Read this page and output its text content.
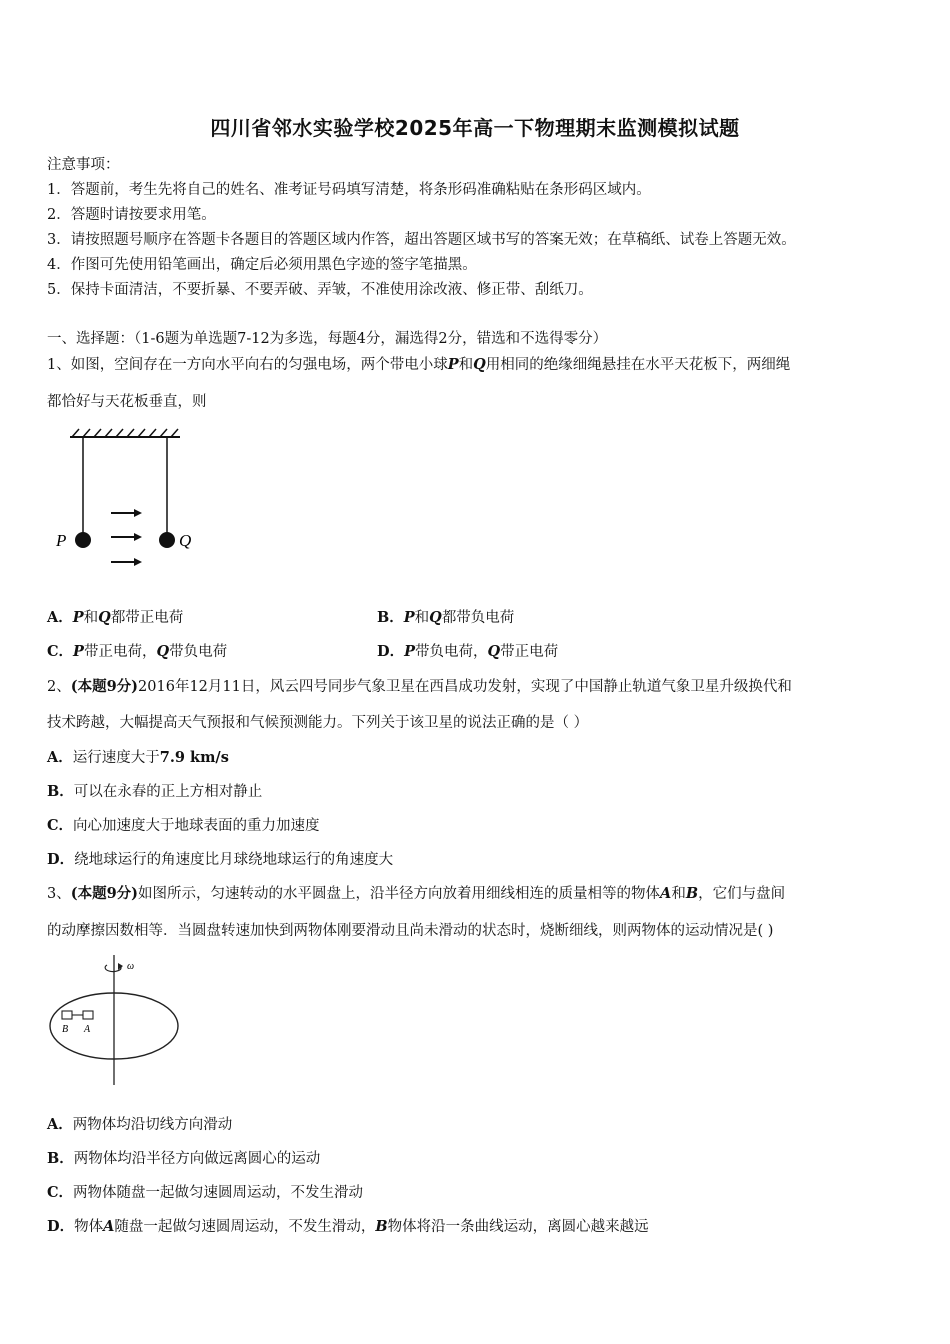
四川省邻水实验学校2025年高一下物理期末监测模拟试题
注意事项：
1．答题前，考生先将自己的姓名、准考证号码填写清楚，将条形码准确粘贴在条形码区域内。
2．答题时请按要求用笔。
3．请按照题号顺序在答题卡各题目的答题区域内作答，超出答题区域书写的答案无效；在草稿纸、试卷上答题无效。
4．作图可先使用铅笔画出，确定后必须用黑色字迹的签字笔描黑。
5．保持卡面清洁，不要折暴、不要弄破、弄皱，不准使用涂改液、修正带、刮纸刀。
一、选择题：（1-6题为单选题7-12为多选，每题4分，漏选得2分，错选和不选得零分）
1、如图，空间存在一方向水平向右的匀强电场，两个带电小球P和Q用相同的绝缘细绳悬挂在水平天花板下，两细绳
都恰好与天花板垂直，则
P	Q
A．P和Q都带正电荷	B．P和Q都带负电荷
C．P带正电荷，Q带负电荷	D．P带负电荷，Q带正电荷
2、(本题9分)2016年12月11日，风云四号同步气象卫星在西昌成功发射，实现了中国静止轨道气象卫星升级换代和
技术跨越，大幅提高天气预报和气候预测能力。下列关于该卫星的说法正确的是（ ）
A．运行速度大于7.9 km/s
B．可以在永春的正上方相对静止
C．向心加速度大于地球表面的重力加速度
D．绕地球运行的角速度比月球绕地球运行的角速度大
3、(本题9分)如图所示，匀速转动的水平圆盘上，沿半径方向放着用细线相连的质量相等的物体A和B，它们与盘间
的动摩擦因数相等．当圆盘转速加快到两物体刚要滑动且尚未滑动的状态时，烧断细线，则两物体的运动情况是( )
ω
B A
A．两物体均沿切线方向滑动
B．两物体均沿半径方向做远离圆心的运动
C．两物体随盘一起做匀速圆周运动，不发生滑动
D．物体A随盘一起做匀速圆周运动，不发生滑动，B物体将沿一条曲线运动，离圆心越来越远
